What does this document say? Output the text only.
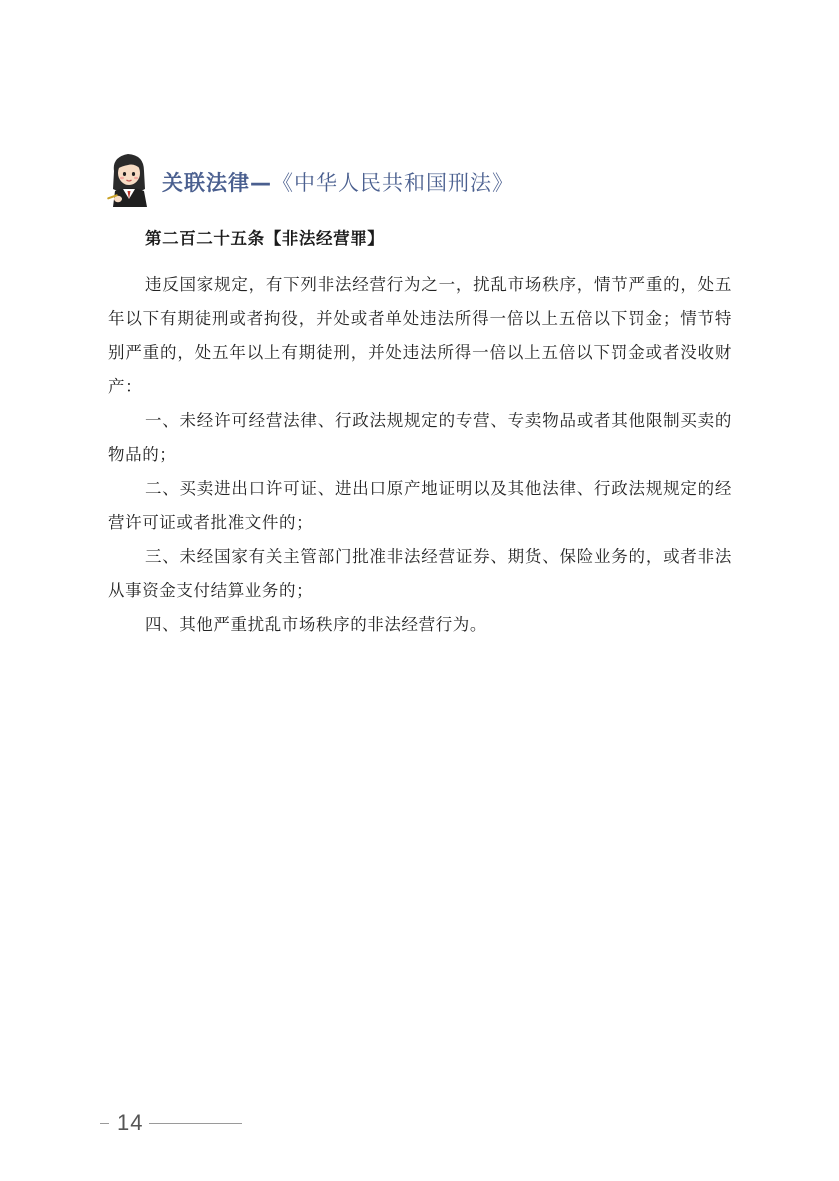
关联法律—《中华人民共和国刑法》

第二百二十五条【非法经营罪】

违反国家规定，有下列非法经营行为之一，扰乱市场秩序，情节严重的，处五年以下有期徒刑或者拘役，并处或者单处违法所得一倍以上五倍以下罚金；情节特别严重的，处五年以上有期徒刑，并处违法所得一倍以上五倍以下罚金或者没收财产：

一、未经许可经营法律、行政法规规定的专营、专卖物品或者其他限制买卖的物品的；

二、买卖进出口许可证、进出口原产地证明以及其他法律、行政法规规定的经营许可证或者批准文件的；

三、未经国家有关主管部门批准非法经营证券、期货、保险业务的，或者非法从事资金支付结算业务的；

四、其他严重扰乱市场秩序的非法经营行为。

14
